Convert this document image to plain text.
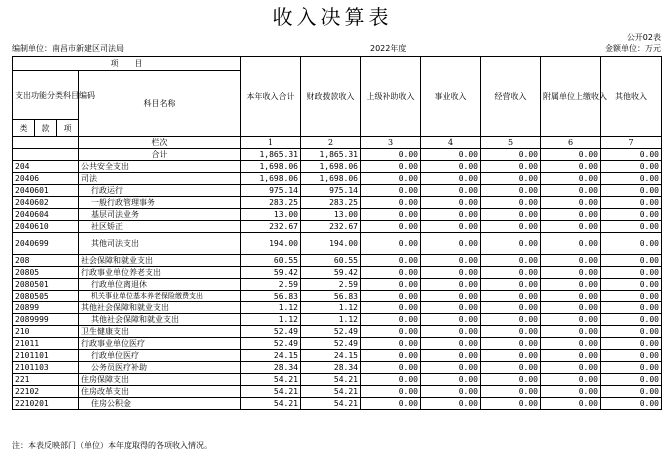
收入决算表
公开02表
编制单位：南昌市新建区司法局	2022年度	金额单位：万元
项　　目				本年收入合计	财政拨款收入	上级补助收入	事业收入	经营收入	附属单位上缴收入	其他收入
支出功能分类科目编码			科目名称							
类	款	项								
			栏次	1	2	3	4	5	6	7
			合计	1,865.31	1,865.31	0.00	0.00	0.00	0.00	0.00
204			公共安全支出	1,698.06	1,698.06	0.00	0.00	0.00	0.00	0.00
20406			司法	1,698.06	1,698.06	0.00	0.00	0.00	0.00	0.00
2040601			行政运行	975.14	975.14	0.00	0.00	0.00	0.00	0.00
2040602			一般行政管理事务	283.25	283.25	0.00	0.00	0.00	0.00	0.00
2040604			基层司法业务	13.00	13.00	0.00	0.00	0.00	0.00	0.00
2040610			社区矫正	232.67	232.67	0.00	0.00	0.00	0.00	0.00
2040699			其他司法支出	194.00	194.00	0.00	0.00	0.00	0.00	0.00
208			社会保障和就业支出	60.55	60.55	0.00	0.00	0.00	0.00	0.00
20805			行政事业单位养老支出	59.42	59.42	0.00	0.00	0.00	0.00	0.00
2080501			行政单位离退休	2.59	2.59	0.00	0.00	0.00	0.00	0.00
2080505			机关事业单位基本养老保险缴费支出	56.83	56.83	0.00	0.00	0.00	0.00	0.00
20899			其他社会保障和就业支出	1.12	1.12	0.00	0.00	0.00	0.00	0.00
2089999			其他社会保障和就业支出	1.12	1.12	0.00	0.00	0.00	0.00	0.00
210			卫生健康支出	52.49	52.49	0.00	0.00	0.00	0.00	0.00
21011			行政事业单位医疗	52.49	52.49	0.00	0.00	0.00	0.00	0.00
2101101			行政单位医疗	24.15	24.15	0.00	0.00	0.00	0.00	0.00
2101103			公务员医疗补助	28.34	28.34	0.00	0.00	0.00	0.00	0.00
221			住房保障支出	54.21	54.21	0.00	0.00	0.00	0.00	0.00
22102			住房改革支出	54.21	54.21	0.00	0.00	0.00	0.00	0.00
2210201			住房公积金	54.21	54.21	0.00	0.00	0.00	0.00	0.00
注：本表反映部门（单位）本年度取得的各项收入情况。
